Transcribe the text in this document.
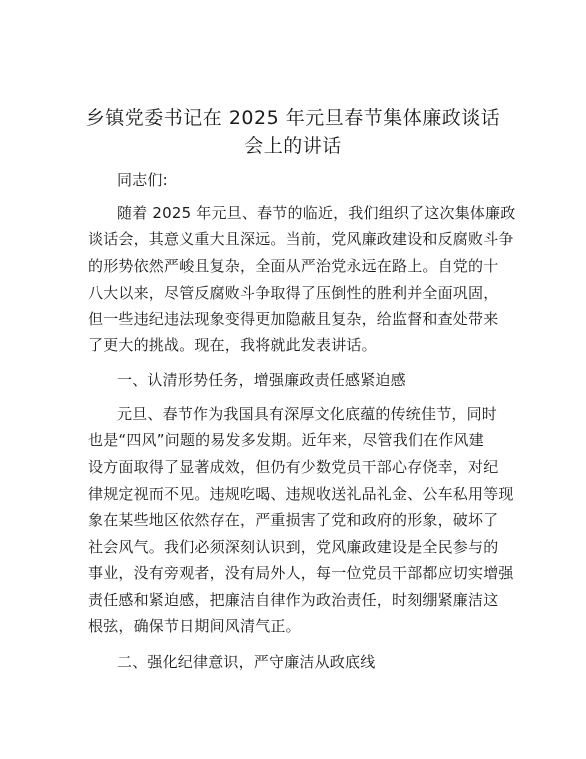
乡镇党委书记在 2025 年元旦春节集体廉政谈话
会上的讲话
同志们:
随着 2025 年元旦、春节的临近，我们组织了这次集体廉政
谈话会，其意义重大且深远。当前，党风廉政建设和反腐败斗争
的形势依然严峻且复杂，全面从严治党永远在路上。自党的十
八大以来，尽管反腐败斗争取得了压倒性的胜利并全面巩固，
但一些违纪违法现象变得更加隐蔽且复杂，给监督和查处带来
了更大的挑战。现在，我将就此发表讲话。
一、认清形势任务，增强廉政责任感紧迫感
元旦、春节作为我国具有深厚文化底蕴的传统佳节，同时
也是“四风”问题的易发多发期。近年来，尽管我们在作风建
设方面取得了显著成效，但仍有少数党员干部心存侥幸，对纪
律规定视而不见。违规吃喝、违规收送礼品礼金、公车私用等现
象在某些地区依然存在，严重损害了党和政府的形象，破坏了
社会风气。我们必须深刻认识到，党风廉政建设是全民参与的
事业，没有旁观者，没有局外人，每一位党员干部都应切实增强
责任感和紧迫感，把廉洁自律作为政治责任，时刻绷紧廉洁这
根弦，确保节日期间风清气正。
二、强化纪律意识，严守廉洁从政底线
